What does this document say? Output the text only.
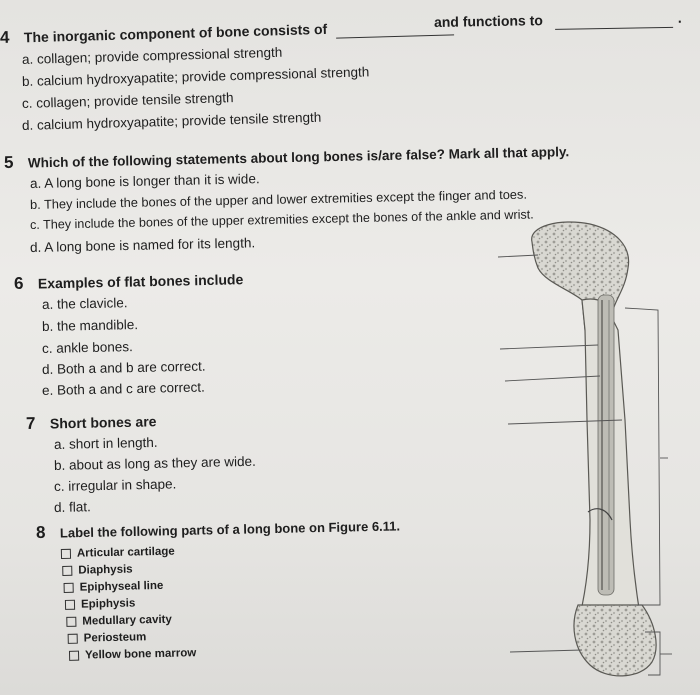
4 The inorganic component of bone consists of	and functions to	.
a. collagen; provide compressional strength
b. calcium hydroxyapatite; provide compressional strength
c. collagen; provide tensile strength
d. calcium hydroxyapatite; provide tensile strength
5 Which of the following statements about long bones is/are false? Mark all that apply.
a. A long bone is longer than it is wide.
b. They include the bones of the upper and lower extremities except the finger and toes.
c. They include the bones of the upper extremities except the bones of the ankle and wrist.
d. A long bone is named for its length.
6 Examples of flat bones include
a. the clavicle.
b. the mandible.
c. ankle bones.
d. Both a and b are correct.
e. Both a and c are correct.
7 Short bones are
a. short in length.
b. about as long as they are wide.
c. irregular in shape.
d. flat.
8 Label the following parts of a long bone on Figure 6.11.
Articular cartilage
Diaphysis
Epiphyseal line
Epiphysis
Medullary cavity
Periosteum
Yellow bone marrow
